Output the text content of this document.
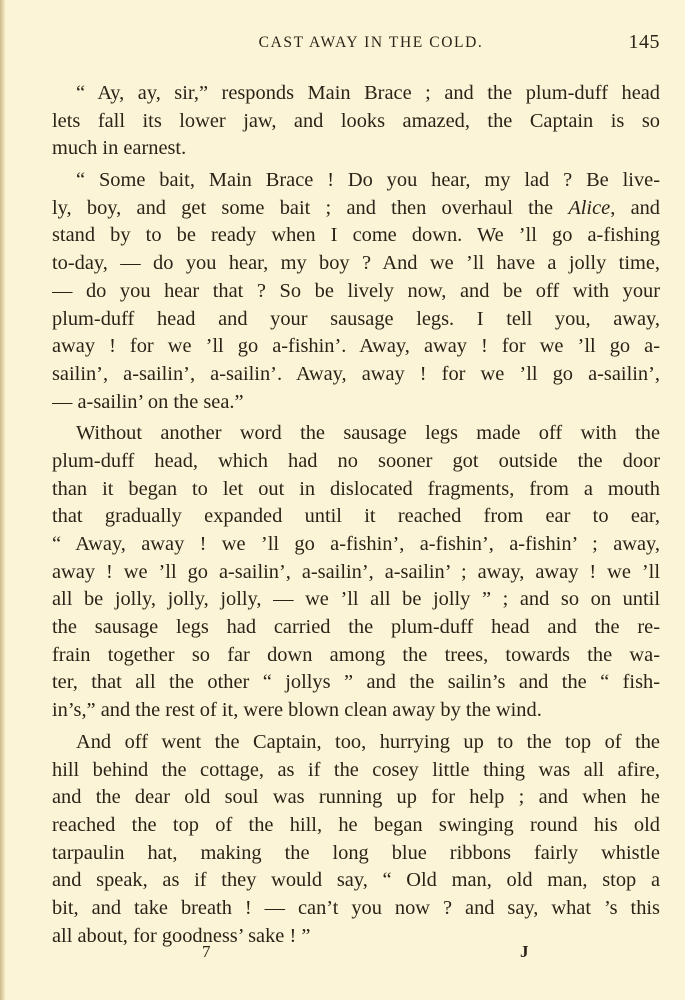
CAST AWAY IN THE COLD.	145
“ Ay, ay, sir,” responds Main Brace ; and the plum-duff head
lets fall its lower jaw, and looks amazed, the Captain is so
much in earnest.
“ Some bait, Main Brace ! Do you hear, my lad ? Be live-
ly, boy, and get some bait ; and then overhaul the Alice, and
stand by to be ready when I come down. We ’ll go a-fishing
to-day, — do you hear, my boy ? And we ’ll have a jolly time,
— do you hear that ? So be lively now, and be off with your
plum-duff head and your sausage legs. I tell you, away,
away ! for we ’ll go a-fishin’. Away, away ! for we ’ll go a-
sailin’, a-sailin’, a-sailin’. Away, away ! for we ’ll go a-sailin’,
— a-sailin’ on the sea.”
Without another word the sausage legs made off with the
plum-duff head, which had no sooner got outside the door
than it began to let out in dislocated fragments, from a mouth
that gradually expanded until it reached from ear to ear,
“ Away, away ! we ’ll go a-fishin’, a-fishin’, a-fishin’ ; away,
away ! we ’ll go a-sailin’, a-sailin’, a-sailin’ ; away, away ! we ’ll
all be jolly, jolly, jolly, — we ’ll all be jolly ” ; and so on until
the sausage legs had carried the plum-duff head and the re-
frain together so far down among the trees, towards the wa-
ter, that all the other “ jollys ” and the sailin’s and the “ fish-
in’s,” and the rest of it, were blown clean away by the wind.
And off went the Captain, too, hurrying up to the top of the
hill behind the cottage, as if the cosey little thing was all afire,
and the dear old soul was running up for help ; and when he
reached the top of the hill, he began swinging round his old
tarpaulin hat, making the long blue ribbons fairly whistle
and speak, as if they would say, “ Old man, old man, stop a
bit, and take breath ! — can’t you now ? and say, what ’s this
all about, for goodness’ sake ! ”
7	J
